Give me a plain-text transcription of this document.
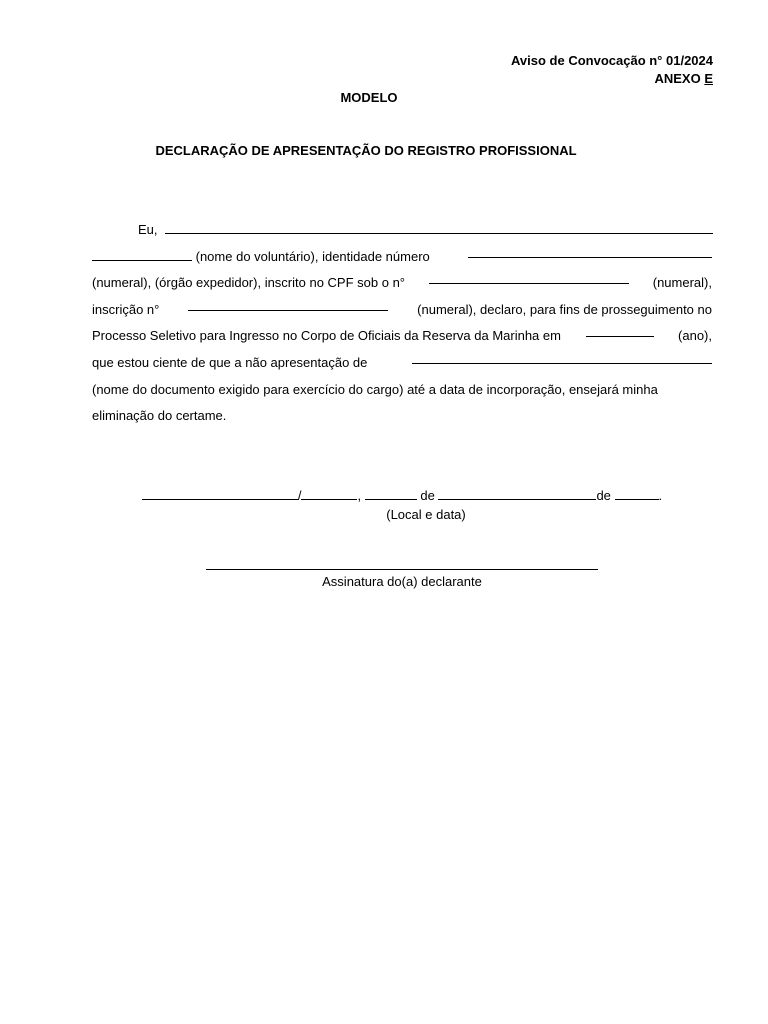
Aviso de Convocação n° 01/2024
ANEXO E
MODELO
DECLARAÇÃO DE APRESENTAÇÃO DO REGISTRO PROFISSIONAL
Eu,
(nome do voluntário), identidade número
(numeral), (órgão expedidor), inscrito no CPF sob o n°	(numeral),
inscrição n°	(numeral), declaro, para fins de prosseguimento no
Processo Seletivo para Ingresso no Corpo de Oficiais da Reserva da Marinha em	(ano),
que estou ciente de que a não apresentação de
(nome do documento exigido para exercício do cargo) até a data de incorporação, ensejará minha
eliminação do certame.
/	,	de	de	.
(Local e data)
Assinatura do(a) declarante
